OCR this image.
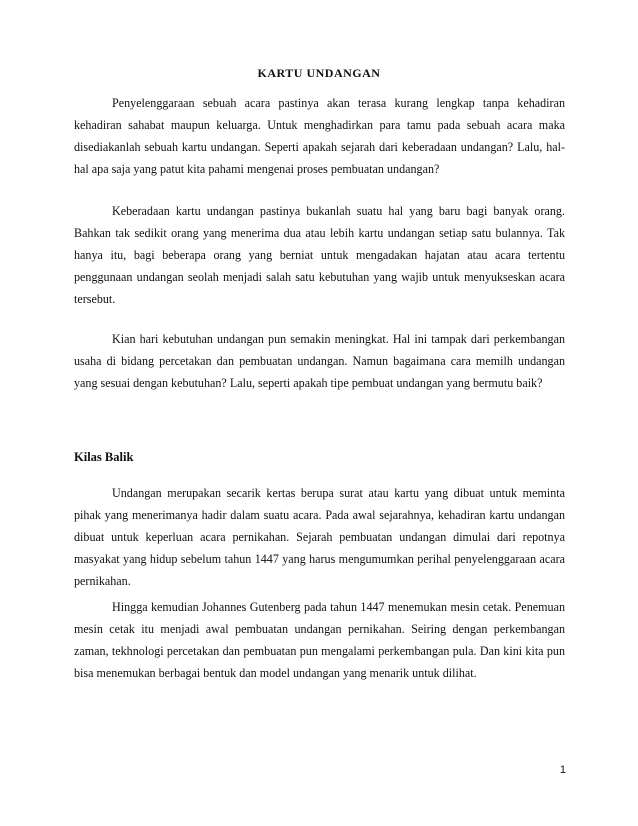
KARTU UNDANGAN

Penyelenggaraan sebuah acara pastinya akan terasa kurang lengkap tanpa kehadiran kehadiran sahabat maupun keluarga. Untuk menghadirkan para tamu pada sebuah acara maka disediakanlah sebuah kartu undangan. Seperti apakah sejarah dari keberadaan undangan? Lalu, hal-hal apa saja yang patut kita pahami mengenai proses pembuatan undangan?

Keberadaan kartu undangan pastinya bukanlah suatu hal yang baru bagi banyak orang. Bahkan tak sedikit orang yang menerima dua atau lebih kartu undangan setiap satu bulannya. Tak hanya itu, bagi beberapa orang yang berniat untuk mengadakan hajatan atau acara tertentu penggunaan undangan seolah menjadi salah satu kebutuhan yang wajib untuk menyukseskan acara tersebut.

Kian hari kebutuhan undangan pun semakin meningkat. Hal ini tampak dari perkembangan usaha di bidang percetakan dan pembuatan undangan. Namun bagaimana cara memilh undangan yang sesuai dengan kebutuhan? Lalu, seperti apakah tipe pembuat undangan yang bermutu baik?

Kilas Balik

Undangan merupakan secarik kertas berupa surat atau kartu yang dibuat untuk meminta pihak yang menerimanya hadir dalam suatu acara. Pada awal sejarahnya, kehadiran kartu undangan dibuat untuk keperluan acara pernikahan. Sejarah pembuatan undangan dimulai dari repotnya masyakat yang hidup sebelum tahun 1447 yang harus mengumumkan perihal penyelenggaraan acara pernikahan.

Hingga kemudian Johannes Gutenberg pada tahun 1447 menemukan mesin cetak. Penemuan mesin cetak itu menjadi awal pembuatan undangan pernikahan. Seiring dengan perkembangan zaman, tekhnologi percetakan dan pembuatan pun mengalami perkembangan pula. Dan kini kita pun bisa menemukan berbagai bentuk dan model undangan yang menarik untuk dilihat.

1
